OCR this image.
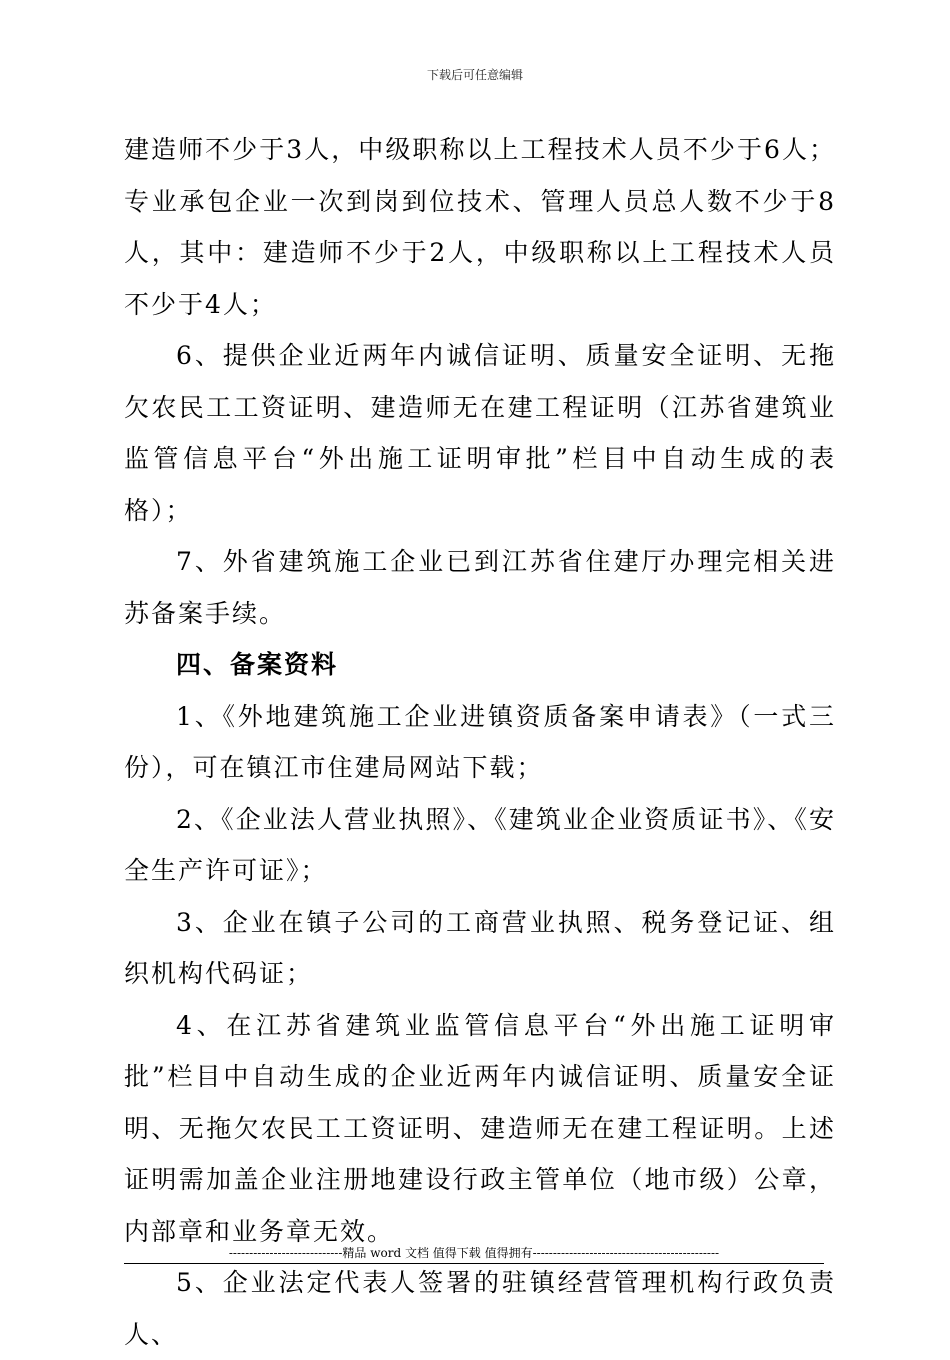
下载后可任意编辑

建造师不少于3人，中级职称以上工程技术人员不少于6人；专业承包企业一次到岗到位技术、管理人员总人数不少于8人，其中：建造师不少于2人，中级职称以上工程技术人员不少于4人；

6、提供企业近两年内诚信证明、质量安全证明、无拖欠农民工工资证明、建造师无在建工程证明（江苏省建筑业监管信息平台“外出施工证明审批”栏目中自动生成的表格）；

7、外省建筑施工企业已到江苏省住建厅办理完相关进苏备案手续。

四、备案资料

1、《外地建筑施工企业进镇资质备案申请表》（一式三份），可在镇江市住建局网站下载；

2、《企业法人营业执照》、《建筑业企业资质证书》、《安全生产许可证》；

3、企业在镇子公司的工商营业执照、税务登记证、组织机构代码证；

4、在江苏省建筑业监管信息平台“外出施工证明审批”栏目中自动生成的企业近两年内诚信证明、质量安全证明、无拖欠农民工工资证明、建造师无在建工程证明。上述证明需加盖企业注册地建设行政主管单位（地市级）公章，内部章和业务章无效。

5、企业法定代表人签署的驻镇经营管理机构行政负责人、

----------------------------精品 word 文档 值得下载 值得拥有----------------------------------------------
